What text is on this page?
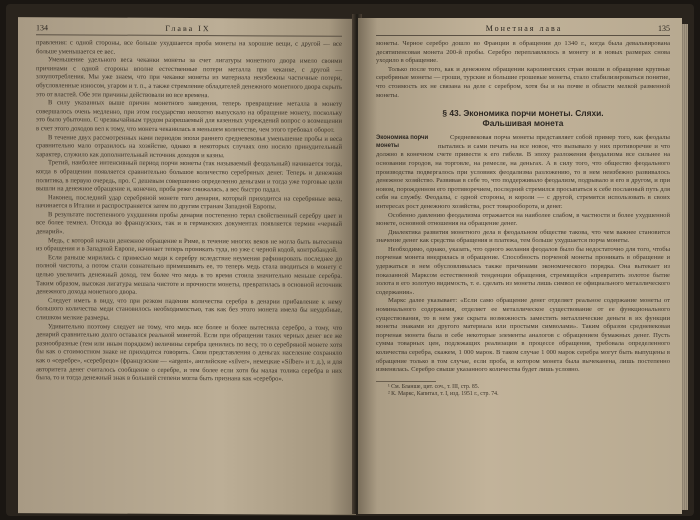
134	Глава IX

правления: с одной стороны, все больше ухудшается проба монеты на хорошие вещи, с другой — все больше уменьшается ее вес.

Уменьшение удельного веса чеканки монеты за счет лигатуры монетного двора имело своими причинами с одной стороны вполне естественные потери металла при чеканке, с другой — злоупотребления. Мы уже знаем, что при чеканке монеты из материала неизбежны частичные потери, обусловленные износом, угаром и т. п., а также стремление обладателей денежного монетного двора скрыть это от властей. Обе эти причины действовали во все времена.

В силу указанных выше причин монетного заведения, теперь превращение металла в монету совершалось очень медленно, при этом государство неохотно выпускало на обращение монету, поскольку это было убыточно. С чрезвычайным трудом разрешаемый для казенных учреждений вопрос о возмещении в счет этого доходов вел к тому, что монета чеканилась в меньшем количестве, чем этого требовал оборот.

В течение двух рассмотренных нами периодов эпохи раннего средневековья уменьшение пробы и веса сравнительно мало отразилось на хозяйстве, однако в некоторых случаях оно носило принудительный характер, служило как дополнительный источник доходов и казны.

Третий, наиболее интенсивный период порчи монеты (так называемый феодальный) начинается тогда, когда в обращении появляется сравнительно большое количество серебряных денег. Теперь и денежная политика, в первую очередь, про. С дешевым совершенно определенно деньгами и тогда уже торговые цели вышли на денежное обращение и, конечно, проба реже снижалась, а вес быстро падал.

Наконец, последний удар серебряной монете того денария, который приходится на серебряные века, начинается в Италии и распространяется затем по другим странам Западной Европы.

В результате постепенного ухудшения пробы денария постепенно терял свойственный серебру цвет и все более темнел. Отсюда во французских, так и в германских документах появляется термин «черный денарий».

Медь, с которой начали денежное обращение в Риме, в течение многих веков не могла быть вытеснена из обращения и в Западной Европе, начинает теперь проникать туда, но уже с черной кодой, контрабандой.

Если раньше мирились с примесью меди к серебру вследствие неумения рафинировать последнее до полной чистоты, а потом стали сознательно примешивать ее, то теперь медь стала вводиться в монету с целью увеличить денежный доход, тем более что медь в то время стоила значительно меньше серебра. Таким образом, высокая лигатура мешала чистоте и прочности монеты, превратилась в основной источник денежного дохода монетного двора.

Следует иметь в виду, что при резком падении количества серебра в денарии прибавление к нему большого количества меди становилось необходимостью, так как без этого монета имела бы неудобные, слишком мелкие размеры.

Удивительно поэтому следует не тому, что медь все более и более вытесняла серебро, а тому, что денарий сравнительно долго оставался реальной монетой. Если при обращении таких черных денег все же разнообразные (тем или иным порядком) величины серебра ценились по весу, то о серебряной монете хотя бы как о стоимостном знаке не приходится говорить. Свои представления о деньгах население сохраняло как о «серебре», «серебрецо» (французские — «argent», английские «silver», немецкие «Silber» и т. д.), и для авторитета денег считалось сообщение о серебре, и тем более если хотя бы малая толика серебра в них была, то и тогда денежный знак в большей степени могла быть признана как «серебро».

Монетная лава	135

монеты. Черное серебро дошло во Франции в обращении до 1340 г., когда была девальвирована десятипенсовая монета 200-й пробы. Серебро переплавлялось в монету и в новых размерах снова уходило в обращение.

Только после того, как и денежном обращении каролингских стран вошли в обращение крупные серебряные монеты — гроши, турские и большие грошевые монеты, стало стабилизироваться понятие, что стоимость их не связана на деле с серебром, хотя бы и на почве в области мелкой разменной монеты.

§ 43. Экономика порчи монеты. Сляхи.
Фальшивая монета
Экономика порчи монеты

Средневековая порча монеты представляет собой пример того, как феодалы пытались и сами печать на все новое, что вызывало у них противоречие и что должно в конечном счете привести к его гибели. В эпоху разложения феодализма все сильнее на основании городов, на торговле, на ремесле, на деньгах. А в силу того, что общество феодального производства подвергалось при условиях феодализма разложению, то в нем неизбежно развивалось денежное хозяйство. Развивая в себе то, что поддерживало феодализм, подрывало и его в другом, и при новом, порожденном его противоречием, последний стремился просыпаться к себе посланный путь для себя на службу. Феодалы, с одной стороны, и короли — с другой, стремятся использовать в своих интересах рост денежного хозяйства, рост товарооборота, и денег.

Особенно давлению феодализма отражается на наиболее слабом, в частности и более ухудшенной монете, основной отношения на обращение денег.

Диалектика развития монетного дела в феодальном обществе такова, что чем важнее становится значение денег как средства обращения и платежа, тем больше ухудшается порча монеты.

Необходимо, однако, указать, что одного желания феодалов было бы недостаточно для того, чтобы порченая монета внедрялась в обращение. Способность порченой монеты проникать в обращение и удержаться в нем обусловливалась также причинами экономического порядка. Она вытекает из показанной Марксом естественной тенденции обращения, стремящейся «превратить золотое бытие золота в его золотую видимость, т. е. сделать из монеты лишь символ ее официального металлического содержания».

Маркс далее указывает: «Если само обращение денег отделяет реальное содержание монеты от номинального содержания, отделяет ее металлическое существование от ее функционального существования, то в нем уже скрыта возможность заместить металлические деньги в их функции монеты знаками из другого материала или простыми символами». Таким образом средневековая порченая монета была в себе некоторые элементы аналогов с обращением бумажных денег. Пусть сумма товарных цен, подлежащих реализации в процессе обращения, требовала определенного количества серебра, скажем, 1 000 марок. В таком случае 1 000 марок серебра могут быть выпущены в обращение только в том случае, если проба, и котором монета была вычеканена, лишь постепенно изменялась. Серебро свыше указанного количества будет лишь условно.

¹ См. Бланше, цит. соч., т. III, стр. 85.

² К. Маркс, Капитал, т. I, изд. 1951 г., стр. 74.
